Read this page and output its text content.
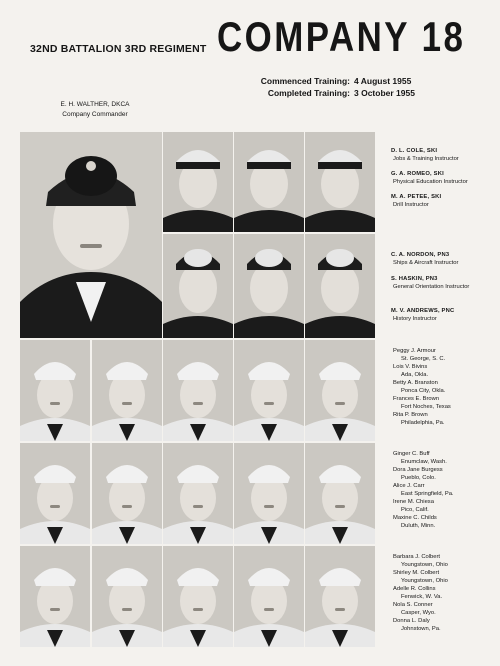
32ND BATTALION 3RD REGIMENT COMPANY 18
Commenced Training: 4 August 1955
Completed Training: 3 October 1955
E. H. WALTHER, DKCA
Company Commander
D. L. COLE, SKI
Jobs & Training Instructor
G. A. ROMEO, SKI
Physical Education Instructor
M. A. PETEE, SKI
Drill Instructor
C. A. NORDON, PN3
Ships & Aircraft Instructor
S. HASKIN, PN3
General Orientation Instructor
M. V. ANDREWS, PNC
History Instructor
Peggy J. Armour
St. George, S. C.
Lois V. Bivins
Ada, Okla.
Betty A. Branston
Ponca City, Okla.
Frances E. Brown
Fort Noches, Texas
Rita P. Brown
Philadelphia, Pa.
Ginger C. Buff
Enumclaw, Wash.
Dora Jane Burgess
Pueblo, Colo.
Alice J. Carr
East Springfield, Pa.
Irene M. Chiesa
Pico, Calif.
Maxine C. Childs
Duluth, Minn.
Barbara J. Colbert
Youngstown, Ohio
Shirley M. Colbert
Youngstown, Ohio
Adelle R. Collins
Fenwick, W. Va.
Nola S. Conner
Casper, Wyo.
Donna L. Daly
Johnstown, Pa.
